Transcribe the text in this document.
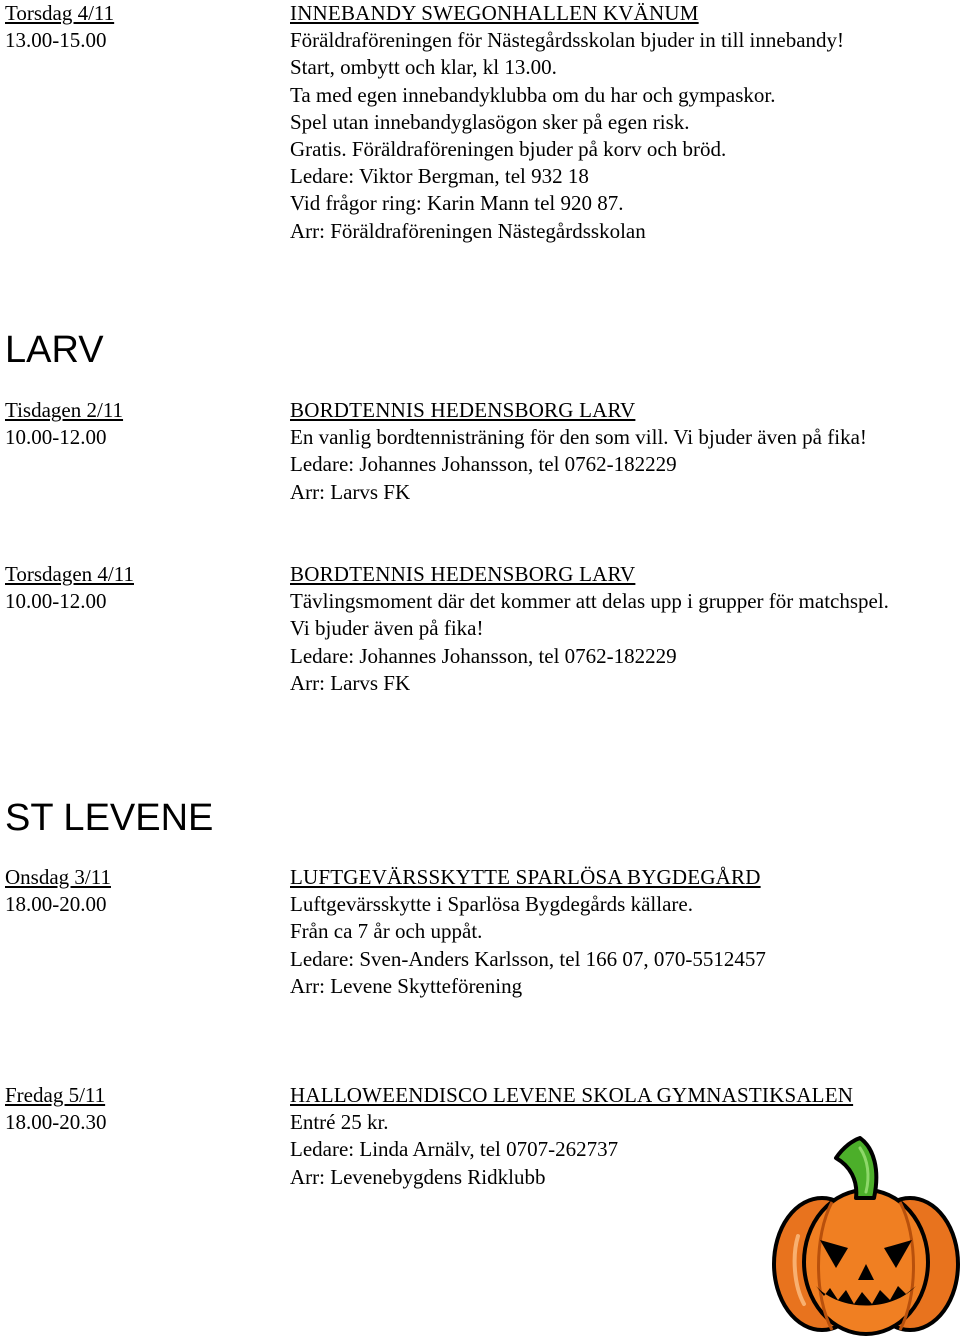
Torsdag 4/11
13.00-15.00
INNEBANDY SWEGONHALLEN KVÄNUM
Föräldraföreningen för Nästegårdsskolan bjuder in till innebandy!
Start, ombytt och klar, kl 13.00.
Ta med egen innebandyklubba om du har och gympaskor.
Spel utan innebandyglasögon sker på egen risk.
Gratis. Föräldraföreningen bjuder på korv och bröd.
Ledare: Viktor Bergman, tel 932 18
Vid frågor ring: Karin Mann tel 920 87.
Arr: Föräldraföreningen Nästegårdsskolan
LARV
Tisdagen 2/11
10.00-12.00
BORDTENNIS HEDENSBORG LARV
En vanlig bordtennisträning för den som vill. Vi bjuder även på fika!
Ledare: Johannes Johansson, tel 0762-182229
Arr: Larvs FK
Torsdagen 4/11
10.00-12.00
BORDTENNIS HEDENSBORG LARV
Tävlingsmoment där det kommer att delas upp i grupper för matchspel.
Vi bjuder även på fika!
Ledare: Johannes Johansson, tel 0762-182229
Arr: Larvs FK
ST LEVENE
Onsdag 3/11
18.00-20.00
LUFTGEVÄRSSKYTTE SPARLÖSA BYGDEGÅRD
Luftgevärsskytte i Sparlösa Bygdegårds källare.
Från ca 7 år och uppåt.
Ledare: Sven-Anders Karlsson, tel 166 07, 070-5512457
Arr: Levene Skytteförening
Fredag 5/11
18.00-20.30
HALLOWEENDISCO LEVENE SKOLA GYMNASTIKSALEN
Entré 25 kr.
Ledare: Linda Arnälv, tel 0707-262737
Arr: Levenebygdens Ridklubb
